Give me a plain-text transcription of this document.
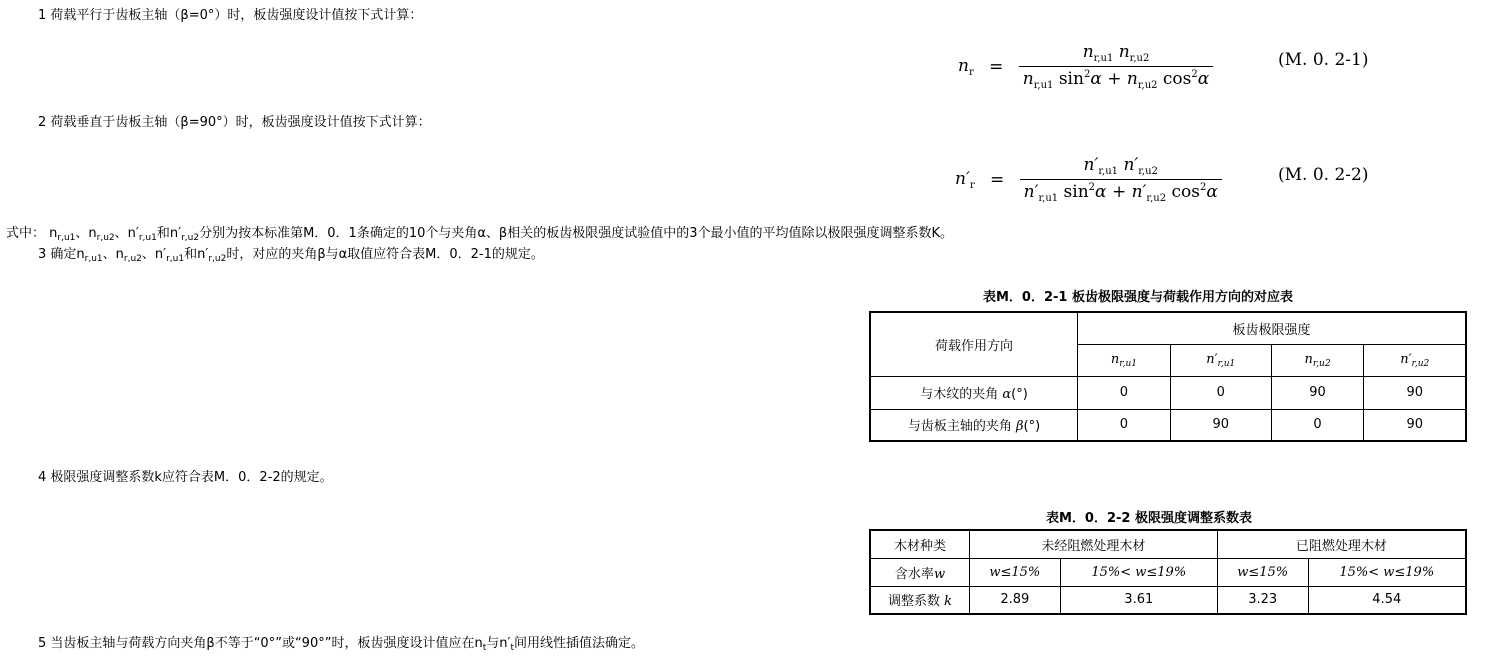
1 荷载平行于齿板主轴（β=0°）时，板齿强度设计值按下式计算：
$n_r = \frac{n_{r,u1} n_{r,u2}}{n_{r,u1} \sin^2\alpha + n_{r,u2} \cos^2\alpha}$	(M. 0. 2-1)
2 荷载垂直于齿板主轴（β=90°）时，板齿强度设计值按下式计算：
$n'_r = \frac{n'_{r,u1} n'_{r,u2}}{n'_{r,u1} \sin^2\alpha + n'_{r,u2} \cos^2\alpha}$	(M. 0. 2-2)
式中： $n_{r,u1}$、$n_{r,u2}$、$n'_{r,u1}$和$n'_{r,u2}$分别为按本标准第M．0．1条确定的10个与夹角α、β相关的板齿极限强度试验值中的3个最小值的平均值除以极限强度调整系数K。
3 确定$n_{r,u1}$、$n_{r,u2}$、$n'_{r,u1}$和$n'_{r,u2}$时，对应的夹角β与α取值应符合表M．0．2-1的规定。
表M．0．2-1 板齿极限强度与荷载作用方向的对应表
荷载作用方向	板齿极限强度			
	$n_{r,u1}$	$n'_{r,u1}$	$n_{r,u2}$	$n'_{r,u2}$
与木纹的夹角 α(°)	0	0	90	90
与齿板主轴的夹角 β(°)	0	90	0	90
4 极限强度调整系数k应符合表M．0．2-2的规定。
表M．0．2-2 极限强度调整系数表
木材种类	未经阻燃处理木材		已阻燃处理木材	
含水率w	w≤15%	15%< w≤19%	w≤15%	15%< w≤19%
调整系数 k	2.89	3.61	3.23	4.54
5 当齿板主轴与荷载方向夹角β不等于“0°”或“90°”时，板齿强度设计值应在$n_t$与$n'_t$间用线性插值法确定。
